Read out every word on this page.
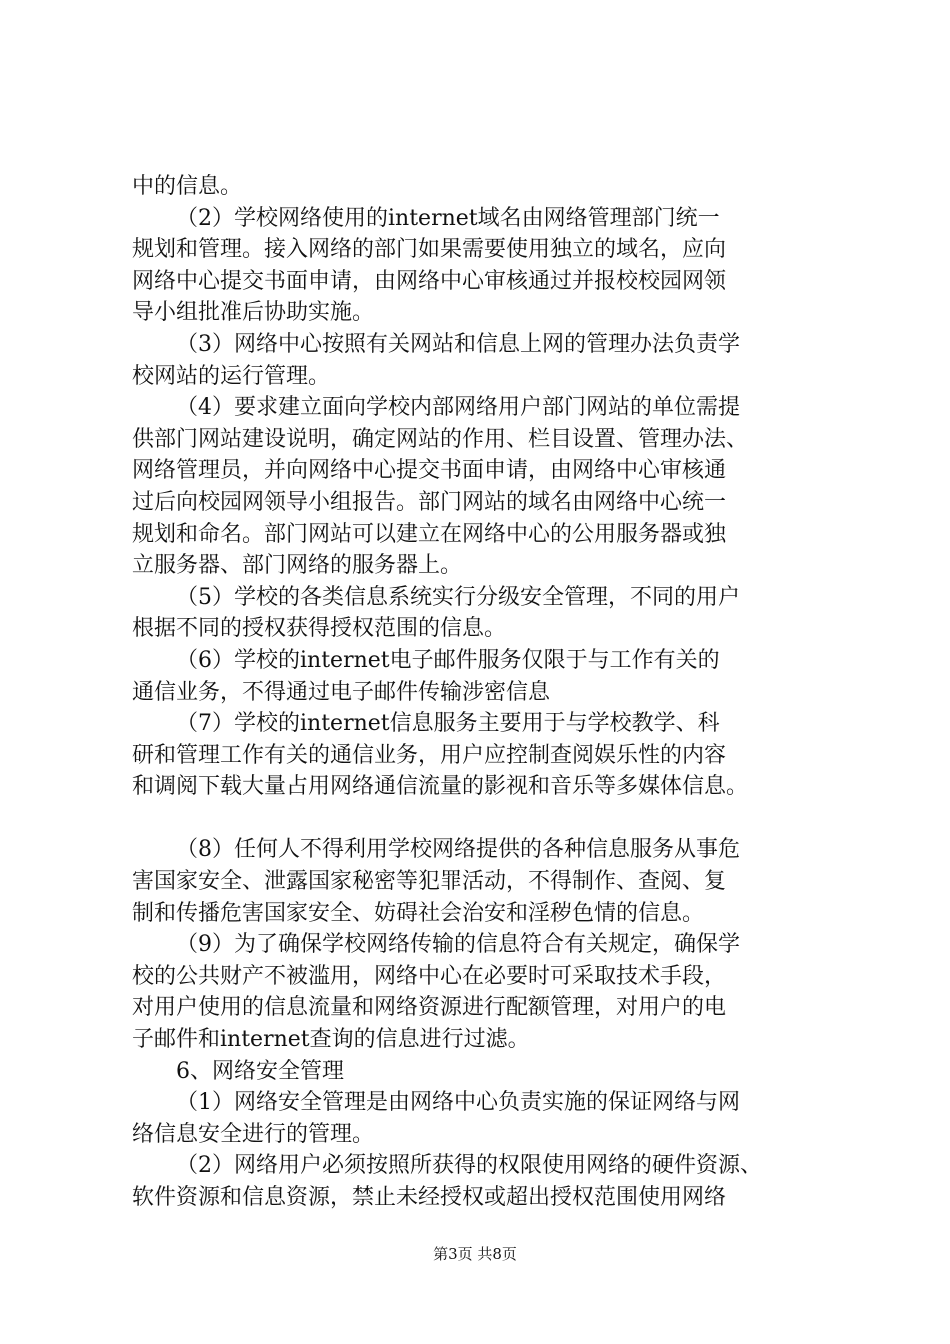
中的信息。
（2）学校网络使用的internet域名由网络管理部门统一
规划和管理。接入网络的部门如果需要使用独立的域名，应向
网络中心提交书面申请，由网络中心审核通过并报校校园网领
导小组批准后协助实施。
（3）网络中心按照有关网站和信息上网的管理办法负责学
校网站的运行管理。
（4）要求建立面向学校内部网络用户部门网站的单位需提
供部门网站建设说明，确定网站的作用、栏目设置、管理办法、
网络管理员，并向网络中心提交书面申请，由网络中心审核通
过后向校园网领导小组报告。部门网站的域名由网络中心统一
规划和命名。部门网站可以建立在网络中心的公用服务器或独
立服务器、部门网络的服务器上。
（5）学校的各类信息系统实行分级安全管理，不同的用户
根据不同的授权获得授权范围的信息。
（6）学校的internet电子邮件服务仅限于与工作有关的
通信业务，不得通过电子邮件传输涉密信息
（7）学校的internet信息服务主要用于与学校教学、科
研和管理工作有关的通信业务，用户应控制查阅娱乐性的内容
和调阅下载大量占用网络通信流量的影视和音乐等多媒体信息。
（8）任何人不得利用学校网络提供的各种信息服务从事危
害国家安全、泄露国家秘密等犯罪活动，不得制作、查阅、复
制和传播危害国家安全、妨碍社会治安和淫秽色情的信息。
（9）为了确保学校网络传输的信息符合有关规定，确保学
校的公共财产不被滥用，网络中心在必要时可采取技术手段，
对用户使用的信息流量和网络资源进行配额管理，对用户的电
子邮件和internet查询的信息进行过滤。
6、网络安全管理
（1）网络安全管理是由网络中心负责实施的保证网络与网
络信息安全进行的管理。
（2）网络用户必须按照所获得的权限使用网络的硬件资源、
软件资源和信息资源，禁止未经授权或超出授权范围使用网络
第3页 共8页
